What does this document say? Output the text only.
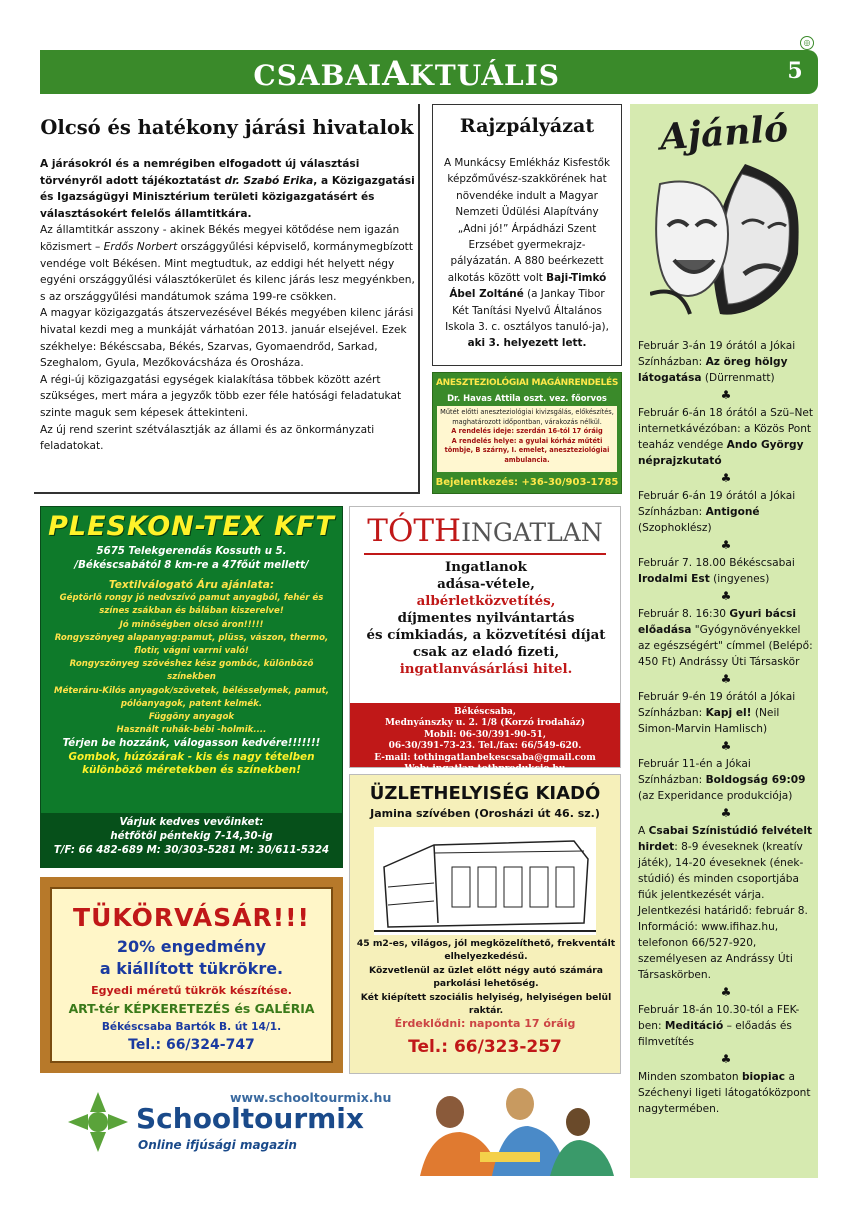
◎
CSABAIAKTUÁLIS	5
Olcsó és hatékony járási hivatalok

A járásokról és a nemrégiben elfogadott új választási törvényről adott tájékoztatást dr. Szabó Erika, a Közigazgatási és Igazságügyi Minisztérium területi közigazgatásért és választásokért felelős államtitkára.

Az államtitkár asszony - akinek Békés megyei kötődése nem igazán közismert – Erdős Norbert országgyűlési képviselő, kormánymegbízott vendége volt Békésen. Mint megtudtuk, az eddigi hét helyett négy egyéni országgyűlési választókerület és kilenc járás lesz megyénkben, s az országgyűlési mandátumok száma 199-re csökken.

A magyar közigazgatás átszervezésével Békés megyében kilenc járási hivatal kezdi meg a munkáját várhatóan 2013. január elsejével. Ezek székhelye: Békéscsaba, Békés, Szarvas, Gyomaendrőd, Sarkad, Szeghalom, Gyula, Mezőkovácsháza és Orosháza.

A régi-új közigazgatási egységek kialakítása többek között azért szükséges, mert mára a jegyzők több ezer féle hatósági feladatukat szinte maguk sem képesek áttekinteni.

Az új rend szerint szétválasztják az állami és az önkormányzati feladatokat.

Rajzpályázat
A Munkácsy Emlékház Kisfestők képzőművész-szakkörének hat növendéke indult a Magyar Nemzeti Üdülési Alapítvány „Adni jó!” Árpádházi Szent Erzsébet gyermekrajz-pályázatán. A 880 beérkezett alkotás között volt Baji-Timkó Ábel Zoltáné (a Jankay Tibor Két Tanítási Nyelvű Általános Iskola 3. c. osztályos tanuló-ja), aki 3. helyezett lett.
ANESZTEZIOLÓGIAI MAGÁNRENDELÉS
Dr. Havas Attila oszt. vez. főorvos
Műtét előtti aneszteziológiai kivizsgálás, előkészítés, maghatározott időpontban, várakozás nélkül.
A rendelés ideje: szerdán 16-tól 17 óráig
A rendelés helye: a gyulai kórház műtéti tömbje, B szárny, I. emelet, aneszteziológiai ambulancia.
Bejelentkezés: +36-30/903-1785
Ajánló

Február 3-án 19 órától a Jókai Színházban: Az öreg hölgy látogatása (Dürrenmatt)

♣

Február 6-án 18 órától a Szü–Net internetkávézóban: a Közös Pont teaház vendége Ando György néprajzkutató

♣

Február 6-án 19 órától a Jókai Színházban: Antigoné (Szophoklész)

♣

Február 7. 18.00 Békéscsabai Irodalmi Est (ingyenes)

♣

Február 8. 16:30 Gyuri bácsi előadása "Gyógynövényekkel az egészségért" címmel (Belépő: 450 Ft) Andrássy Úti Társaskör

♣

Február 9-én 19 órától a Jókai Színházban: Kapj el! (Neil Simon-Marvin Hamlisch)

♣

Február 11-én a Jókai Színházban: Boldogság 69:09 (az Experidance produkciója)

♣

A Csabai Színistúdió felvételt hirdet: 8-9 éveseknek (kreatív játék), 14-20 éveseknek (ének-stúdió) és minden csoportjába fiúk jelentkezését várja. Jelentkezési határidő: február 8. Információ: www.ifihaz.hu, telefonon 66/527-920, személyesen az Andrássy Úti Társaskörben.

♣

Február 18-án 10.30-tól a FEK-ben: Meditáció – előadás és filmvetítés

♣

Minden szombaton biopiac a Széchenyi ligeti látogatóközpont nagytermében.

PLESKON-TEX KFT
5675 Telekgerendás Kossuth u 5.
/Békéscsabától 8 km-re a 47főút mellett/
Textilválogató Áru ajánlata:
Géptörlő rongy jó nedvszívó pamut anyagból, fehér és színes zsákban és bálában kiszerelve!
Jó minőségben olcsó áron!!!!!
Rongyszönyeg alapanyag:pamut, plüss, vászon, thermo, flotir, vágni varrni való!
Rongyszönyeg szövéshez kész gombóc, különböző színekben
Méteráru-Kilós anyagok/szövetek, bélésselymek, pamut, pólóanyagok, patent kelmék.
Függöny anyagok
Használt ruhák-bébi -holmik....
Térjen be hozzánk, válogasson kedvére!!!!!!!
Gombok, húzózárak - kis és nagy tételben különböző méretekben és színekben!
Várjuk kedves vevőinket:
hétfőtől péntekig 7-14,30-ig
T/F: 66 482-689 M: 30/303-5281 M: 30/611-5324
TÓTHINGATLAN
Ingatlanok
adása-vétele,
albérletközvetítés,
díjmentes nyilvántartás
és címkiadás, a közvetítési díjat
csak az eladó fizeti,
ingatlanvásárlási hitel.
Békéscsaba,
Mednyánszky u. 2. 1/8 (Korzó irodaház)
Mobil: 06-30/391-90-51,
06-30/391-73-23. Tel./fax: 66/549-620.
E-mail: tothingatlanbekescsaba@gmail.com
Web: ingatlan.tothprodukcio.hu
ÜZLETHELYISÉG KIADÓ
Jamina szívében (Orosházi út 46. sz.)
45 m2-es, világos, jól megközelíthető, frekventált elhelyezkedésű.
Közvetlenül az üzlet előtt négy autó számára parkolási lehetőség.
Két kiépített szociális helyiség, helyiségen belül raktár.
Érdeklődni: naponta 17 óráig
Tel.: 66/323-257
TÜKÖRVÁSÁR!!!
20% engedmény
a kiállított tükrökre.
Egyedi méretű tükrök készítése.
ART-tér KÉPKERETEZÉS és GALÉRIA
Békéscsaba Bartók B. út 14/1.
Tel.: 66/324-747
www.schooltourmix.hu
Schooltourmix
Online ifjúsági magazin
